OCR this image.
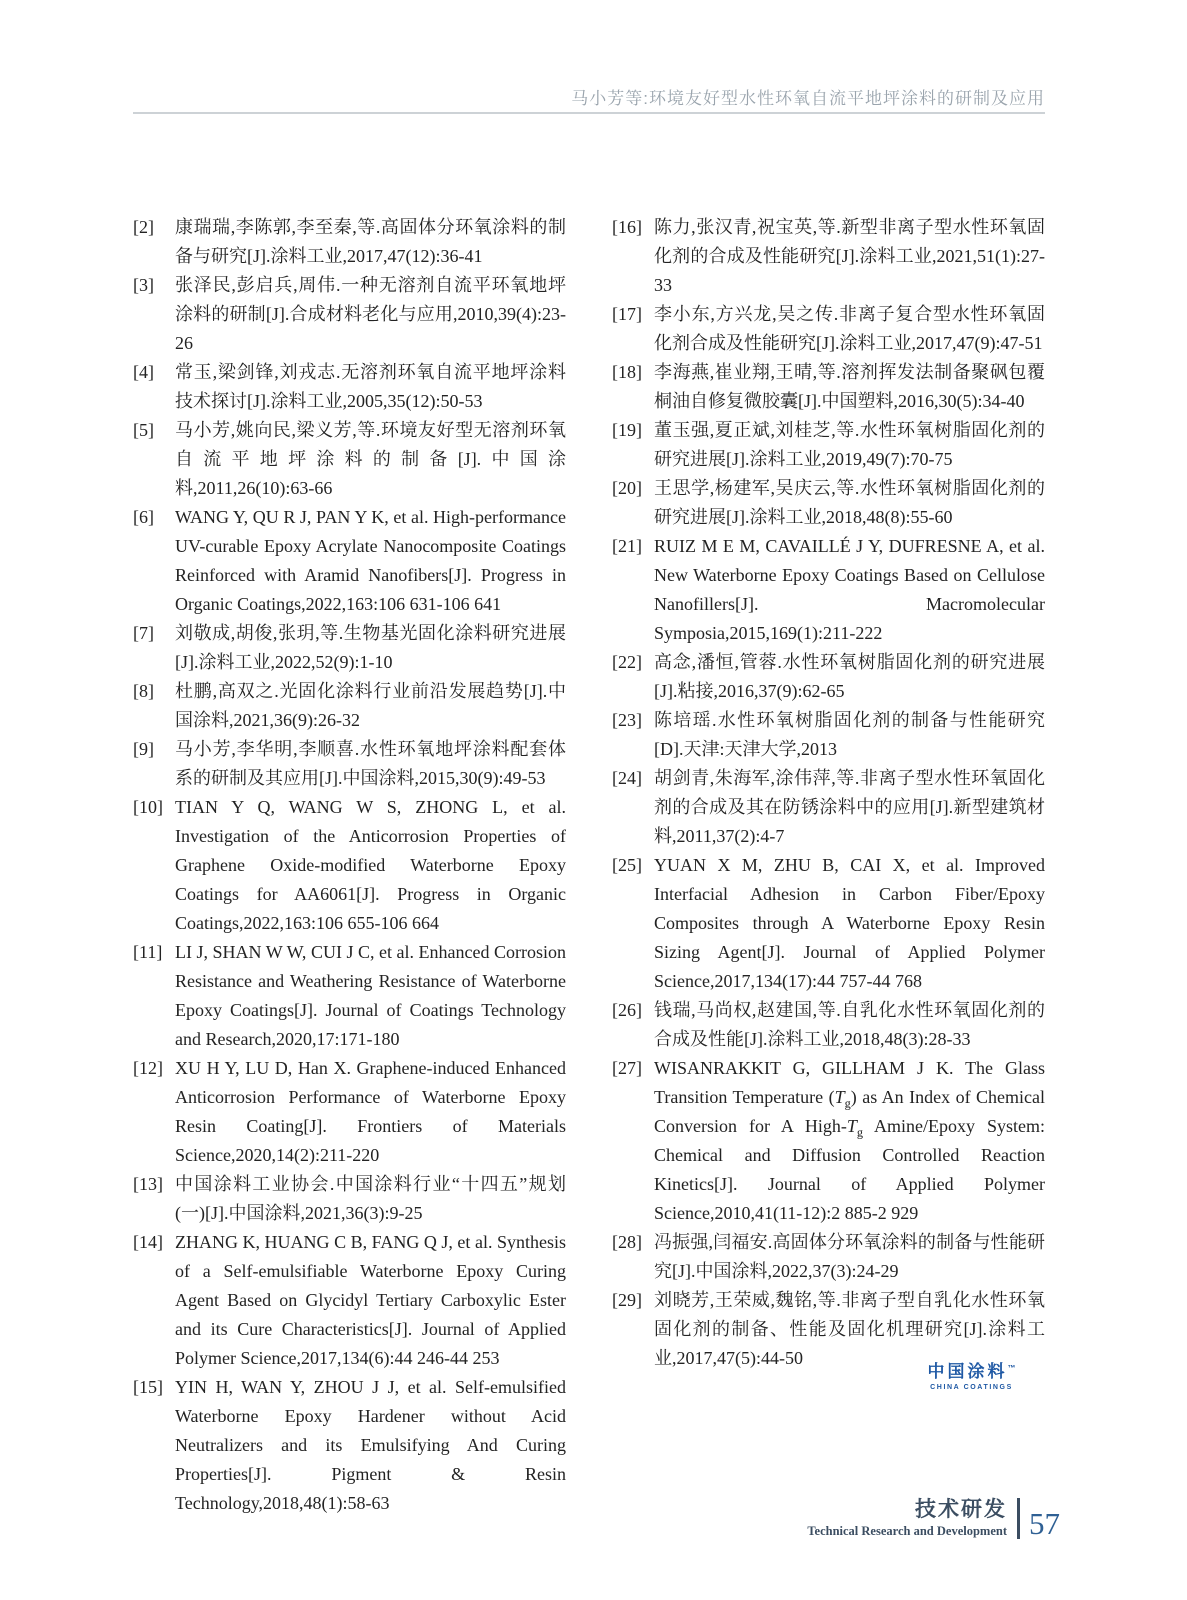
马小芳等:环境友好型水性环氧自流平地坪涂料的研制及应用
[2] 康瑞瑞,李陈郭,李至秦,等.高固体分环氧涂料的制备与研究[J].涂料工业,2017,47(12):36-41
[3] 张泽民,彭启兵,周伟.一种无溶剂自流平环氧地坪涂料的研制[J].合成材料老化与应用,2010,39(4):23-26
[4] 常玉,梁剑锋,刘戎志.无溶剂环氧自流平地坪涂料技术探讨[J].涂料工业,2005,35(12):50-53
[5] 马小芳,姚向民,梁义芳,等.环境友好型无溶剂环氧自流平地坪涂料的制备[J].中国涂料,2011,26(10):63-66
[6] WANG Y, QU R J, PAN Y K, et al. High-performance UV-curable Epoxy Acrylate Nanocomposite Coatings Reinforced with Aramid Nanofibers[J]. Progress in Organic Coatings,2022,163:106 631-106 641
[7] 刘敬成,胡俊,张玥,等.生物基光固化涂料研究进展[J].涂料工业,2022,52(9):1-10
[8] 杜鹏,高双之.光固化涂料行业前沿发展趋势[J].中国涂料,2021,36(9):26-32
[9] 马小芳,李华明,李顺喜.水性环氧地坪涂料配套体系的研制及其应用[J].中国涂料,2015,30(9):49-53
[10] TIAN Y Q, WANG W S, ZHONG L, et al. Investigation of the Anticorrosion Properties of Graphene Oxide-modified Waterborne Epoxy Coatings for AA6061[J]. Progress in Organic Coatings,2022,163:106 655-106 664
[11] LI J, SHAN W W, CUI J C, et al. Enhanced Corrosion Resistance and Weathering Resistance of Waterborne Epoxy Coatings[J]. Journal of Coatings Technology and Research,2020,17:171-180
[12] XU H Y, LU D, Han X. Graphene-induced Enhanced Anticorrosion Performance of Waterborne Epoxy Resin Coating[J]. Frontiers of Materials Science,2020,14(2):211-220
[13] 中国涂料工业协会.中国涂料行业“十四五”规划(一)[J].中国涂料,2021,36(3):9-25
[14] ZHANG K, HUANG C B, FANG Q J, et al. Synthesis of a Self-emulsifiable Waterborne Epoxy Curing Agent Based on Glycidyl Tertiary Carboxylic Ester and its Cure Characteristics[J]. Journal of Applied Polymer Science,2017,134(6):44 246-44 253
[15] YIN H, WAN Y, ZHOU J J, et al. Self-emulsified Waterborne Epoxy Hardener without Acid Neutralizers and its Emulsifying And Curing Properties[J]. Pigment & Resin Technology,2018,48(1):58-63
[16] 陈力,张汉青,祝宝英,等.新型非离子型水性环氧固化剂的合成及性能研究[J].涂料工业,2021,51(1):27-33
[17] 李小东,方兴龙,吴之传.非离子复合型水性环氧固化剂合成及性能研究[J].涂料工业,2017,47(9):47-51
[18] 李海燕,崔业翔,王晴,等.溶剂挥发法制备聚砜包覆桐油自修复微胶囊[J].中国塑料,2016,30(5):34-40
[19] 董玉强,夏正斌,刘桂芝,等.水性环氧树脂固化剂的研究进展[J].涂料工业,2019,49(7):70-75
[20] 王思学,杨建军,吴庆云,等.水性环氧树脂固化剂的研究进展[J].涂料工业,2018,48(8):55-60
[21] RUIZ M E M, CAVAILLÉ J Y, DUFRESNE A, et al. New Waterborne Epoxy Coatings Based on Cellulose Nanofillers[J]. Macromolecular Symposia,2015,169(1):211-222
[22] 高念,潘恒,管蓉.水性环氧树脂固化剂的研究进展[J].粘接,2016,37(9):62-65
[23] 陈培瑶.水性环氧树脂固化剂的制备与性能研究[D].天津:天津大学,2013
[24] 胡剑青,朱海军,涂伟萍,等.非离子型水性环氧固化剂的合成及其在防锈涂料中的应用[J].新型建筑材料,2011,37(2):4-7
[25] YUAN X M, ZHU B, CAI X, et al. Improved Interfacial Adhesion in Carbon Fiber/Epoxy Composites through A Waterborne Epoxy Resin Sizing Agent[J]. Journal of Applied Polymer Science,2017,134(17):44 757-44 768
[26] 钱瑞,马尚权,赵建国,等.自乳化水性环氧固化剂的合成及性能[J].涂料工业,2018,48(3):28-33
[27] WISANRAKKIT G, GILLHAM J K. The Glass Transition Temperature $(T_g)$ as An Index of Chemical Conversion for A High-$T_g$ Amine/Epoxy System: Chemical and Diffusion Controlled Reaction Kinetics[J]. Journal of Applied Polymer Science,2010,41(11-12):2 885-2 929
[28] 冯振强,闫福安.高固体分环氧涂料的制备与性能研究[J].中国涂料,2022,37(3):24-29
[29] 刘晓芳,王荣威,魏铭,等.非离子型自乳化水性环氧固化剂的制备、性能及固化机理研究[J].涂料工业,2017,47(5):44-50
中国涂料™
CHINA COATINGS
技术研发
Technical Research and Development 57
